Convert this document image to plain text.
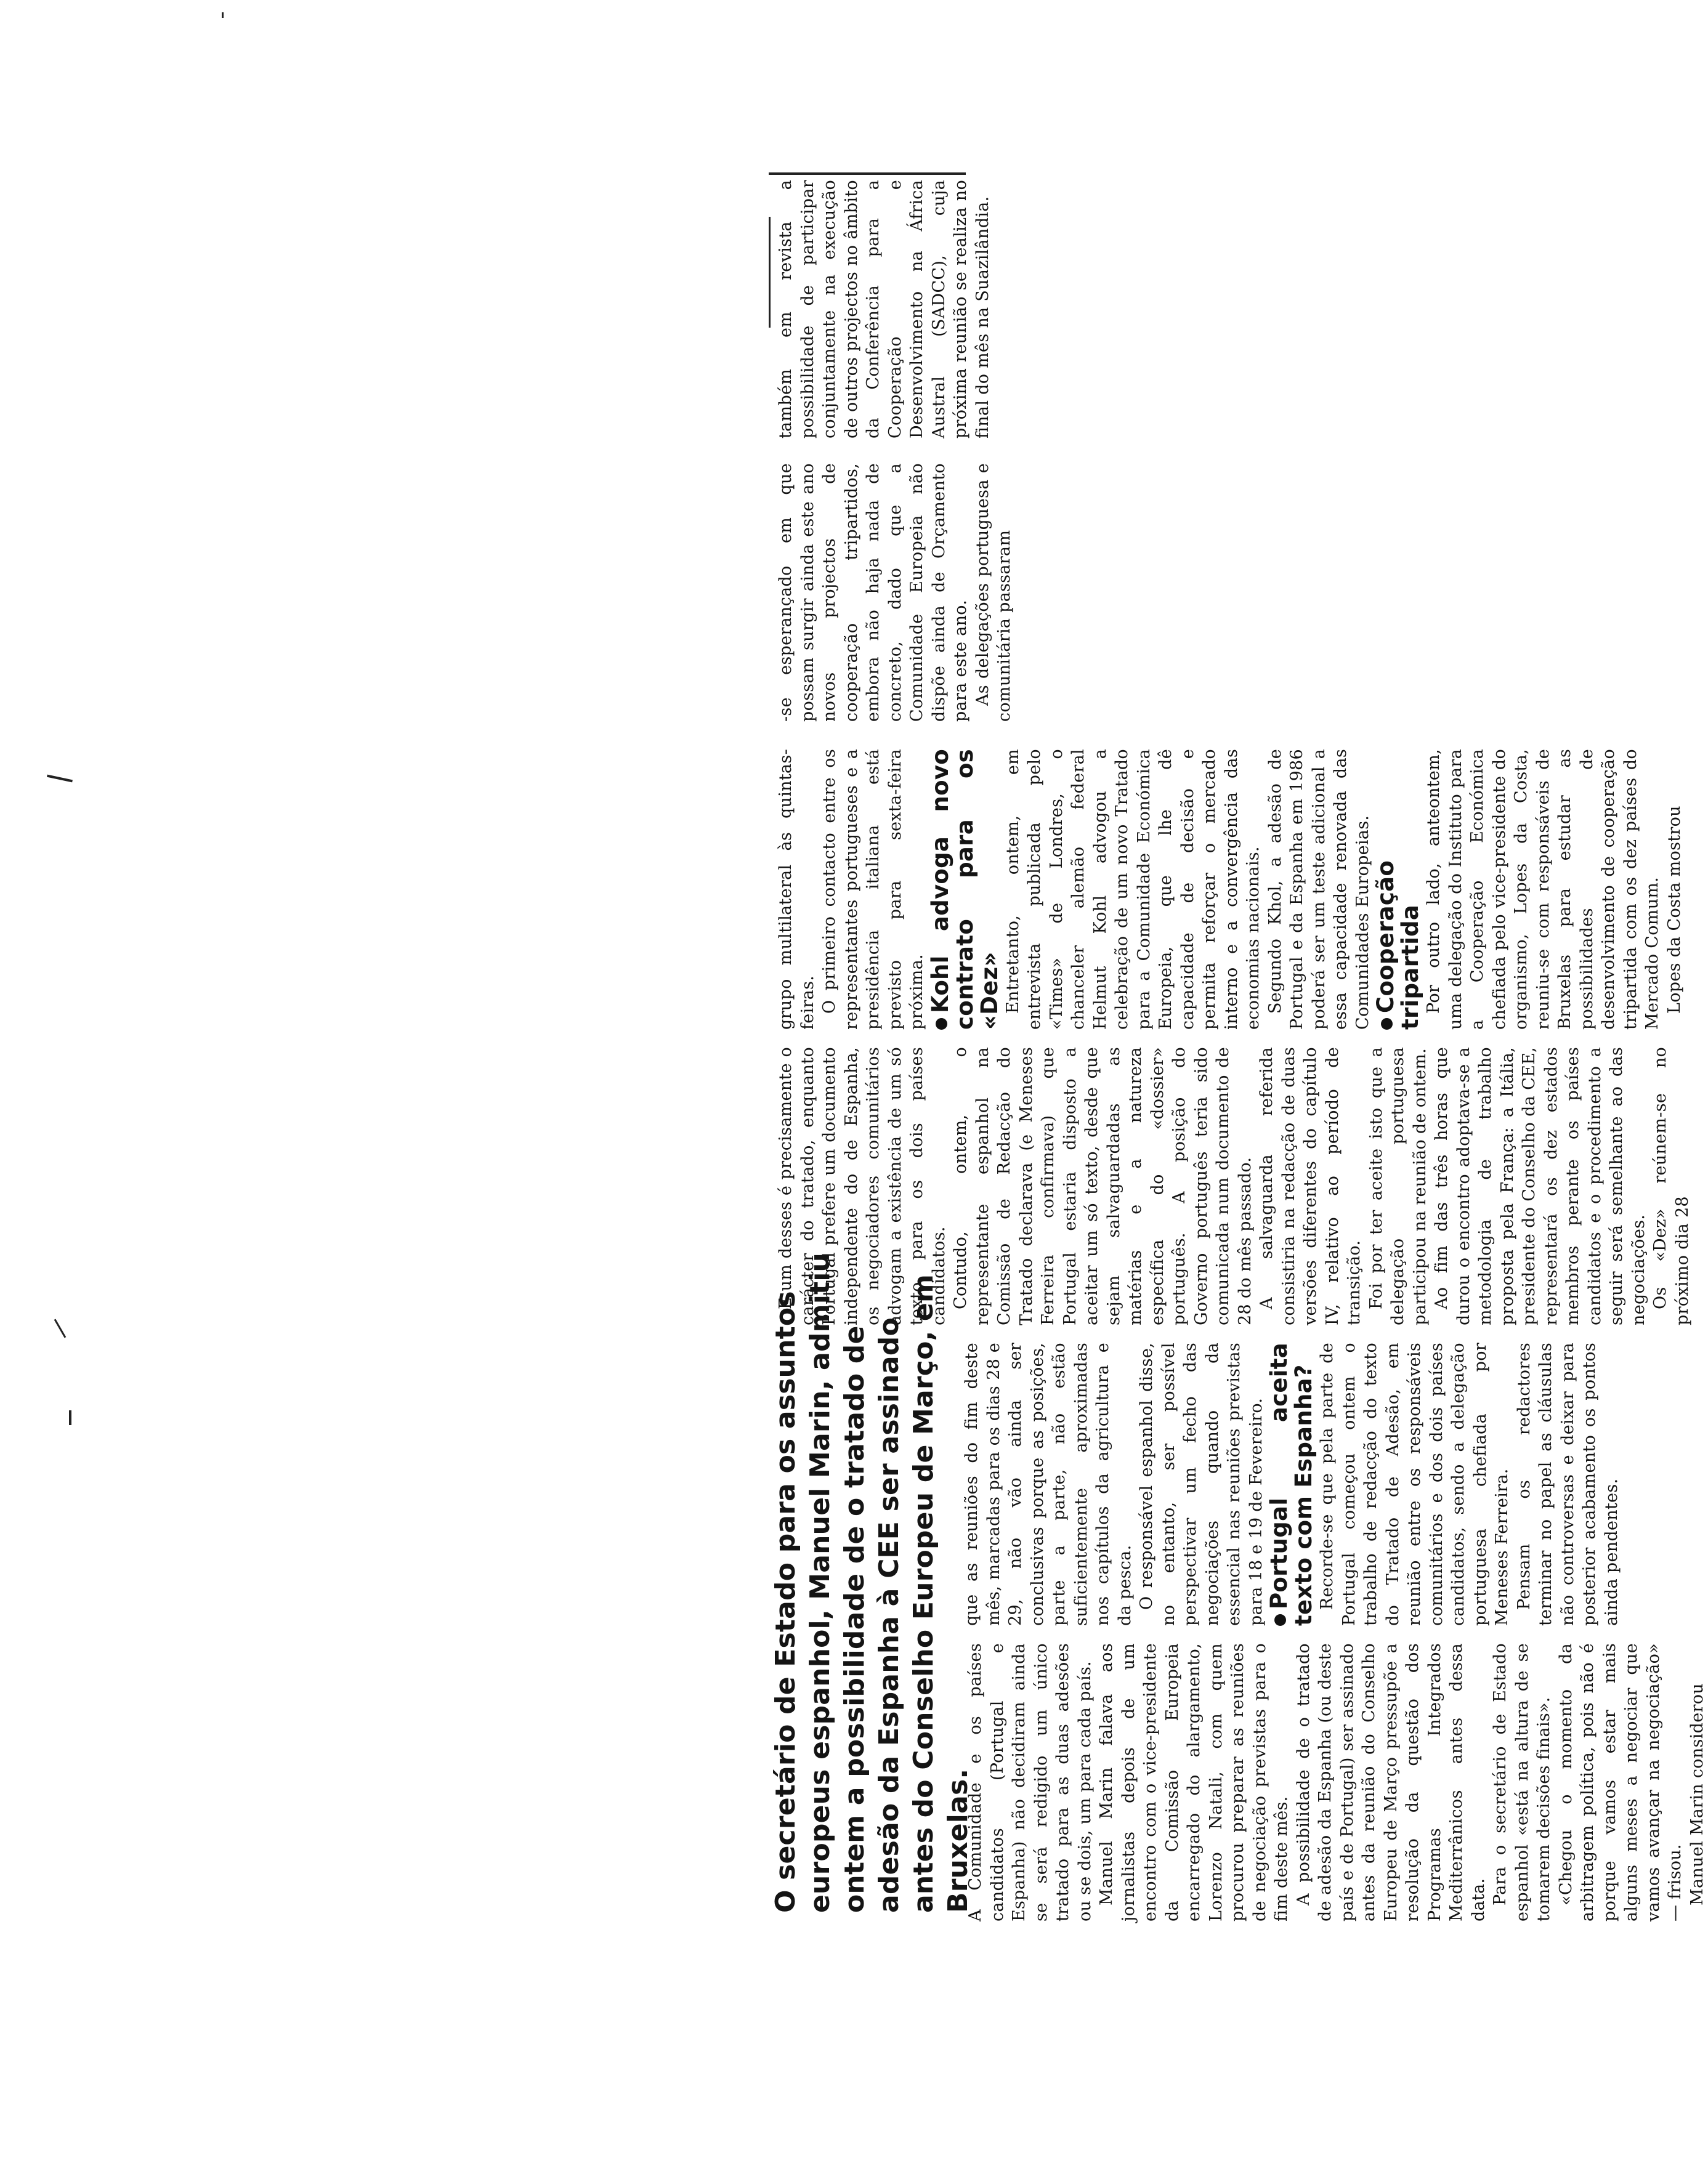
O secretário de Estado para os assuntos europeus espanhol, Manuel Marin, admitiu ontem a possibilidade de o tratado de adesão da Espanha à CEE ser assinado antes do Conselho Europeu de Março, em Bruxelas.

A Comunidade e os países candidatos (Portugal e Espanha) não decidiram ainda se será redigido um único tratado para as duas adesões ou se dois, um para cada país. Manuel Marin falava aos jornalistas depois de um encontro com o vice-presidente da Comissão Europeia encarregado do alargamento, Lorenzo Natali, com quem procurou preparar as reuniões de negociação previstas para o fim deste mês. A possibilidade de o tratado de adesão da Espanha (ou deste país e de Portugal) ser assinado antes da reunião do Conselho Europeu de Março pressupõe a resolução da questão dos Programas Integrados Mediterrânicos antes dessa data. Para o secretário de Estado espanhol «está na altura de se tomarem decisões finais». «Chegou o momento da arbitragem política, pois não é porque vamos estar mais alguns meses a negociar que vamos avançar na negociação» — frisou. Manuel Marin considerou

que as reuniões do fim deste mês, marcadas para os dias 28 e 29, não vão ainda ser conclusivas porque as posições, parte a parte, não estão suficientemente aproximadas nos capítulos da agricultura e da pesca. O responsável espanhol disse, no entanto, ser possível perspectivar um fecho das negociações quando da essencial nas reuniões previstas para 18 e 19 de Fevereiro. Portugal aceita texto com Espanha? Recorde-se que pela parte de Portugal começou ontem o trabalho de redacção do texto do Tratado de Adesão, em reunião entre os responsáveis comunitários e dos dois países candidatos, sendo a delegação portuguesa chefiada por Meneses Ferreira. Pensam os redactores terminar no papel as cláusulas não controversas e deixar para posterior acabamento os pontos ainda pendentes.

E um desses é precisamente o carácter do tratado, enquanto Portugal prefere um documento independente do de Espanha, os negociadores comunitários advogam a existência de um só texto para os dois países candidatos. Contudo, ontem, o representante espanhol na Comissão de Redacção do Tratado declarava (e Meneses Ferreira confirmava) que Portugal estaria disposto a aceitar um só texto, desde que sejam salvaguardadas as matérias e a natureza específica do «dossier» português. A posição do Governo português teria sido comunicada num documento de 28 do mês passado. A salvaguarda referida consistiria na redacção de duas versões diferentes do capítulo IV, relativo ao período de transição. Foi por ter aceite isto que a delegação portuguesa participou na reunião de ontem. Ao fim das três horas que durou o encontro adoptava-se a metodologia de trabalho proposta pela França: a Itália, presidente do Conselho da CEE, representará os dez estados membros perante os países candidatos e o procedimento a seguir será semelhante ao das negociações. Os «Dez» reúnem-se no próximo dia 28

grupo multilateral às quintas-feiras. O primeiro contacto entre os representantes portugueses e a presidência italiana está previsto para sexta-feira próxima. Kohl advoga novo contrato para os «Dez» Entretanto, ontem, em entrevista publicada pelo «Times» de Londres, o chanceler alemão federal Helmut Kohl advogou a celebração de um novo Tratado para a Comunidade Económica Europeia, que lhe dê capacidade de decisão e permita reforçar o mercado interno e a convergência das economias nacionais. Segundo Khol, a adesão de Portugal e da Espanha em 1986 poderá ser um teste adicional a essa capacidade renovada das Comunidades Europeias. Cooperação tripartida Por outro lado, anteontem, uma delegação do Instituto para a Cooperação Económica chefiada pelo vice-presidente do organismo, Lopes da Costa, reuniu-se com responsáveis de Bruxelas para estudar as possibilidades de desenvolvimento de cooperação tripartida com os dez países do Mercado Comum. Lopes da Costa mostrou

-se esperançado em que possam surgir ainda este ano novos projectos de cooperação tripartidos, embora não haja nada de concreto, dado que a Comunidade Europeia não dispõe ainda de Orçamento para este ano. As delegações portuguesa e comunitária passaram

também em revista a possibilidade de participar conjuntamente na execução de outros projectos no âmbito da Conferência para a Cooperação e Desenvolvimento na África Austral (SADCC), cuja próxima reunião se realiza no final do mês na Suazilândia.
